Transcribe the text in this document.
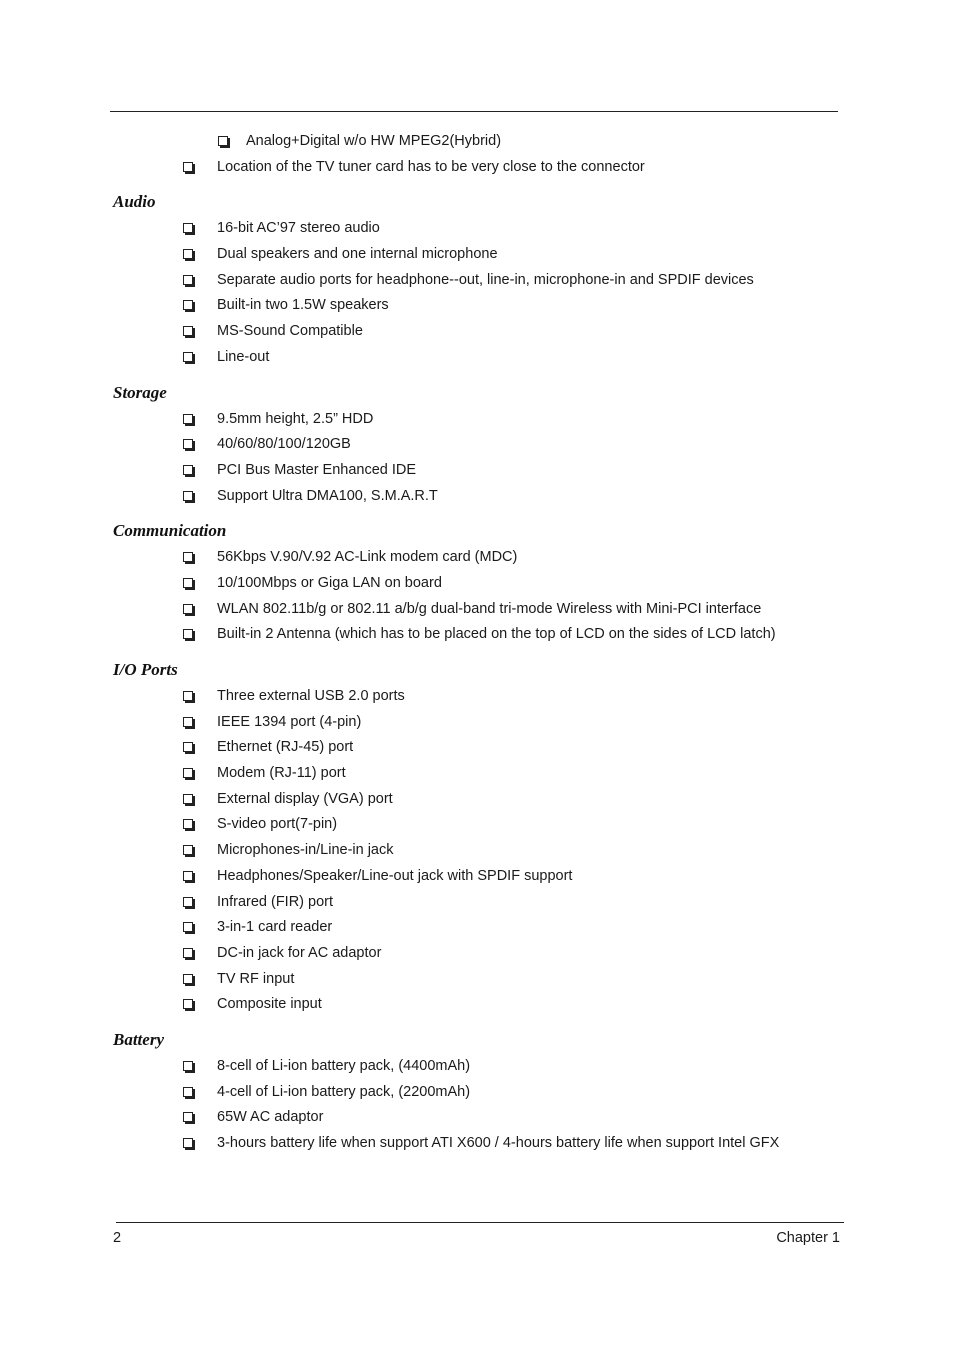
Analog+Digital w/o HW MPEG2(Hybrid)
Location of the TV tuner card has to be very close to the connector
Audio
16-bit AC’97 stereo audio
Dual speakers and one internal microphone
Separate audio ports for headphone--out, line-in, microphone-in and SPDIF devices
Built-in two 1.5W speakers
MS-Sound Compatible
Line-out
Storage
9.5mm height, 2.5” HDD
40/60/80/100/120GB
PCI Bus Master Enhanced IDE
Support Ultra DMA100, S.M.A.R.T
Communication
56Kbps V.90/V.92 AC-Link modem card (MDC)
10/100Mbps or Giga LAN on board
WLAN 802.11b/g or 802.11 a/b/g dual-band tri-mode Wireless with Mini-PCI interface
Built-in 2 Antenna (which has to be placed on the top of LCD on the sides of LCD latch)
I/O Ports
Three external USB 2.0 ports
IEEE 1394 port (4-pin)
Ethernet (RJ-45) port
Modem (RJ-11) port
External display (VGA) port
S-video port(7-pin)
Microphones-in/Line-in jack
Headphones/Speaker/Line-out jack with SPDIF support
Infrared (FIR) port
3-in-1 card reader
DC-in jack for AC adaptor
TV RF input
Composite input
Battery
8-cell of Li-ion battery pack, (4400mAh)
4-cell of Li-ion battery pack, (2200mAh)
65W AC adaptor
3-hours battery life when support ATI X600 / 4-hours battery life when support Intel GFX
2	Chapter 1
